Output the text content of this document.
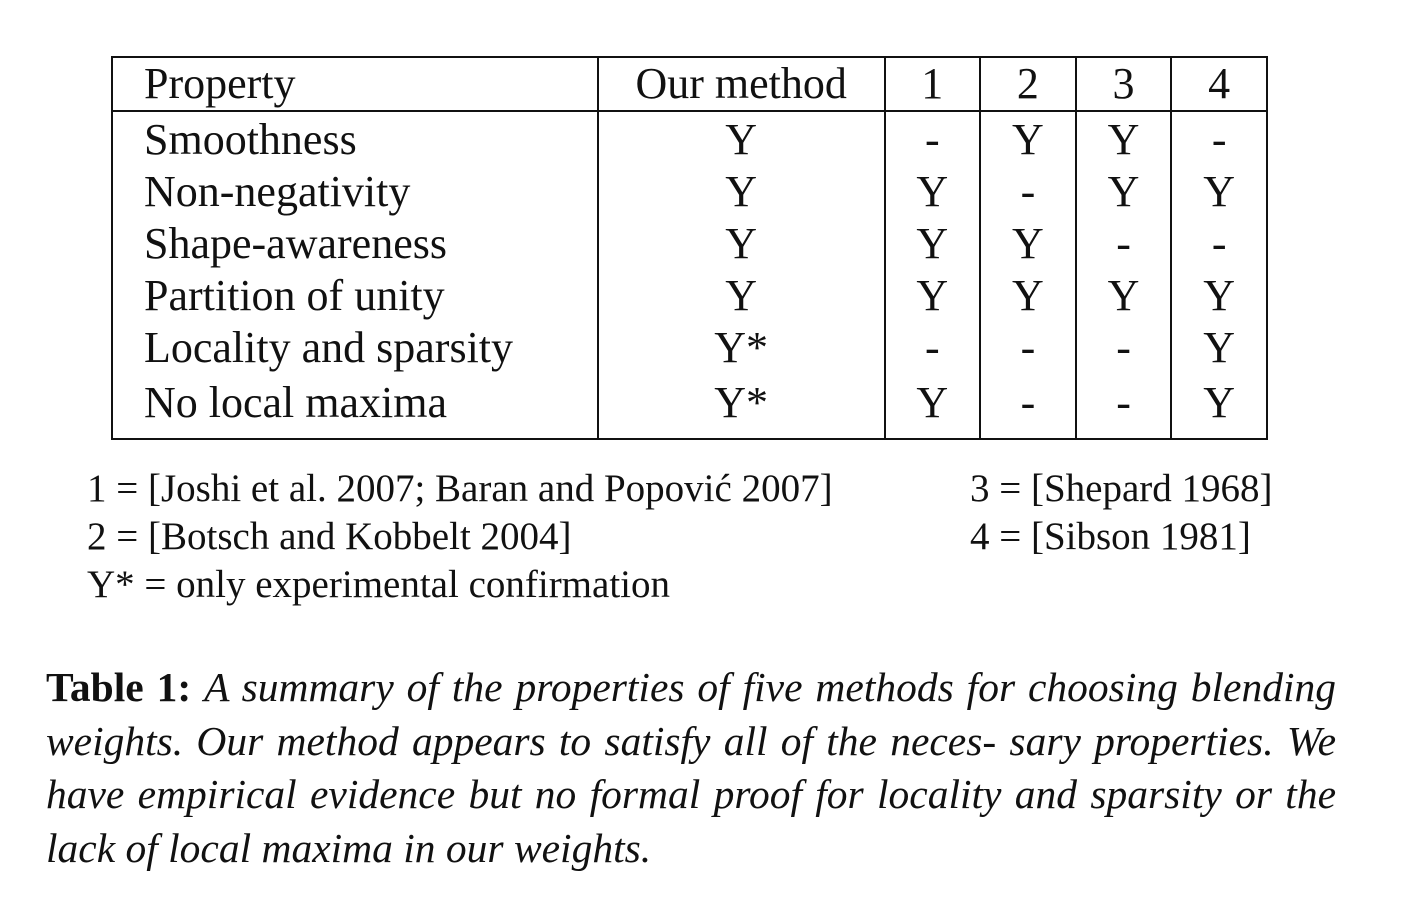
Property	Our method	1	2	3	4
Smoothness	Y	-	Y	Y	-
Non-negativity	Y	Y	-	Y	Y
Shape-awareness	Y	Y	Y	-	-
Partition of unity	Y	Y	Y	Y	Y
Locality and sparsity	Y*	-	-	-	Y
No local maxima	Y*	Y	-	-	Y
1 = [Joshi et al. 2007; Baran and Popović 2007]	3 = [Shepard 1968]
2 = [Botsch and Kobbelt 2004]	4 = [Sibson 1981]
Y* = only experimental confirmation
Table 1: A summary of the properties of five methods for choosing blending weights. Our method appears to satisfy all of the neces- sary properties. We have empirical evidence but no formal proof for locality and sparsity or the lack of local maxima in our weights.
